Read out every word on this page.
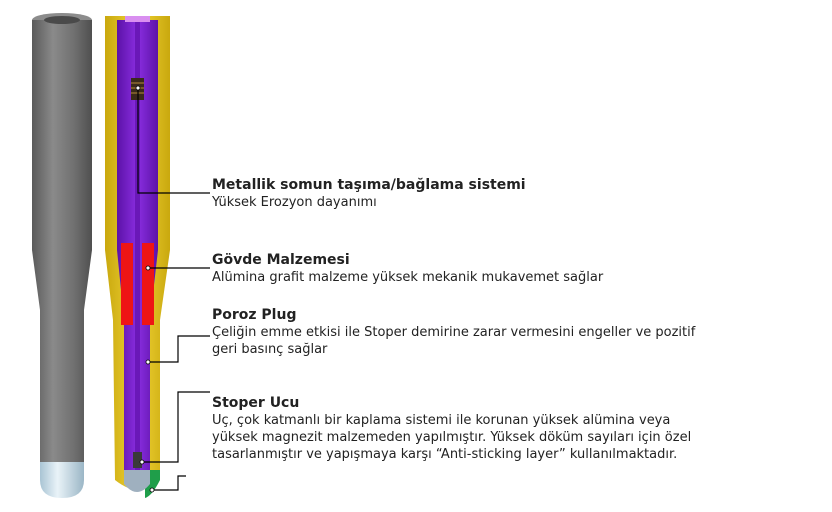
Metallik somun taşıma/bağlama sistemi
Yüksek Erozyon dayanımı
Gövde Malzemesi
Alümina grafit malzeme yüksek mekanik mukavemet sağlar
Poroz Plug
Çeliğin emme etkisi ile Stoper demirine zarar vermesini engeller ve pozitif
geri basınç sağlar
Stoper Ucu
Uç, çok katmanlı bir kaplama sistemi ile korunan yüksek alümina veya
yüksek magnezit malzemeden yapılmıştır. Yüksek döküm sayıları için özel
tasarlanmıştır ve yapışmaya karşı “Anti-sticking layer” kullanılmaktadır.
